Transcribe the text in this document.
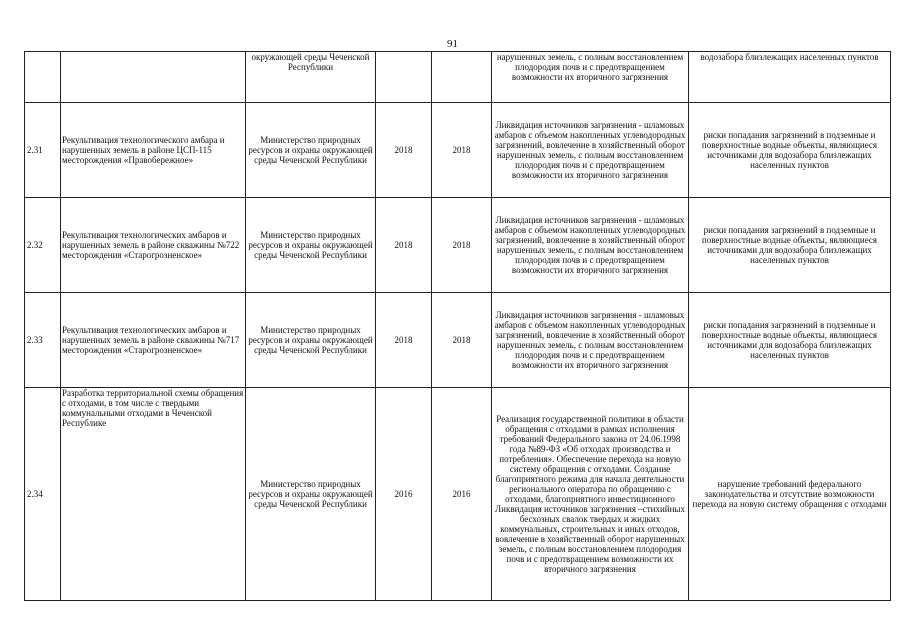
91
		окружающей среды Чеченской Республики			нарушенных земель, с полным восстановлением плодородия почв и с предотвращением возможности их вторичного загрязнения	водозабора близлежащих населенных пунктов
2.31	Рекультивация технологического амбара и нарушенных земель в районе ЦСП-115 месторождения «Правобережное»	Министерство природных ресурсов и охраны окружающей среды Чеченской Республики	2018	2018	Ликвидация источников загрязнения - шламовых амбаров с объемом накопленных углеводородных загрязнений, вовлечение в хозяйственный оборот нарушенных земель, с полным восстановлением плодородия почв и с предотвращением возможности их вторичного загрязнения	риски попадания загрязнений в подземные и поверхностные водные объекты, являющиеся источниками для водозабора близлежащих населенных пунктов
2.32	Рекультивация технологических амбаров и нарушенных земель в районе скважины №722 месторождения «Старогрозненское»	Министерство природных ресурсов и охраны окружающей среды Чеченской Республики	2018	2018	Ликвидация источников загрязнения - шламовых амбаров с объемом накопленных углеводородных загрязнений, вовлечение в хозяйственный оборот нарушенных земель, с полным восстановлением плодородия почв и с предотвращением возможности их вторичного загрязнения	риски попадания загрязнений в подземные и поверхностные водные объекты, являющиеся источниками для водозабора близлежащих населенных пунктов
2.33	Рекультивация технологических амбаров и нарушенных земель в районе скважины №717 месторождения «Старогрозненское»	Министерство природных ресурсов и охраны окружающей среды Чеченской Республики	2018	2018	Ликвидация источников загрязнения - шламовых амбаров с объемом накопленных углеводородных загрязнений, вовлечение в хозяйственный оборот нарушенных земель, с полным восстановлением плодородия почв и с предотвращением возможности их вторичного загрязнения	риски попадания загрязнений в подземные и поверхностные водные объекты, являющиеся источниками для водозабора близлежащих населенных пунктов
2.34	Разработка территориальной схемы обращения с отходами, в том числе с твердыми коммунальными отходами в Чеченской Республике	Министерство природных ресурсов и охраны окружающей среды Чеченской Республики	2016	2016	Реализация государственной политики в области обращения с отходами в рамках исполнения требований Федерального закона от 24.06.1998 года №89-ФЗ «Об отходах производства и потребления». Обеспечение перехода на новую систему обращения с отходами. Создание благоприятного режима для начала деятельности регионального оператора по обращению с отходами, благоприятного инвестиционного Ликвидация источников загрязнения –стихийных бесхозных свалок твердых и жидких коммунальных, строительных и иных отходов, вовлечение в хозяйственный оборот нарушенных земель, с полным восстановлением плодородия почв и с предотвращением возможности их вторичного загрязнения	нарушение требований федерального законодательства и отсутствие возможности перехода на новую систему обращения с отходами
